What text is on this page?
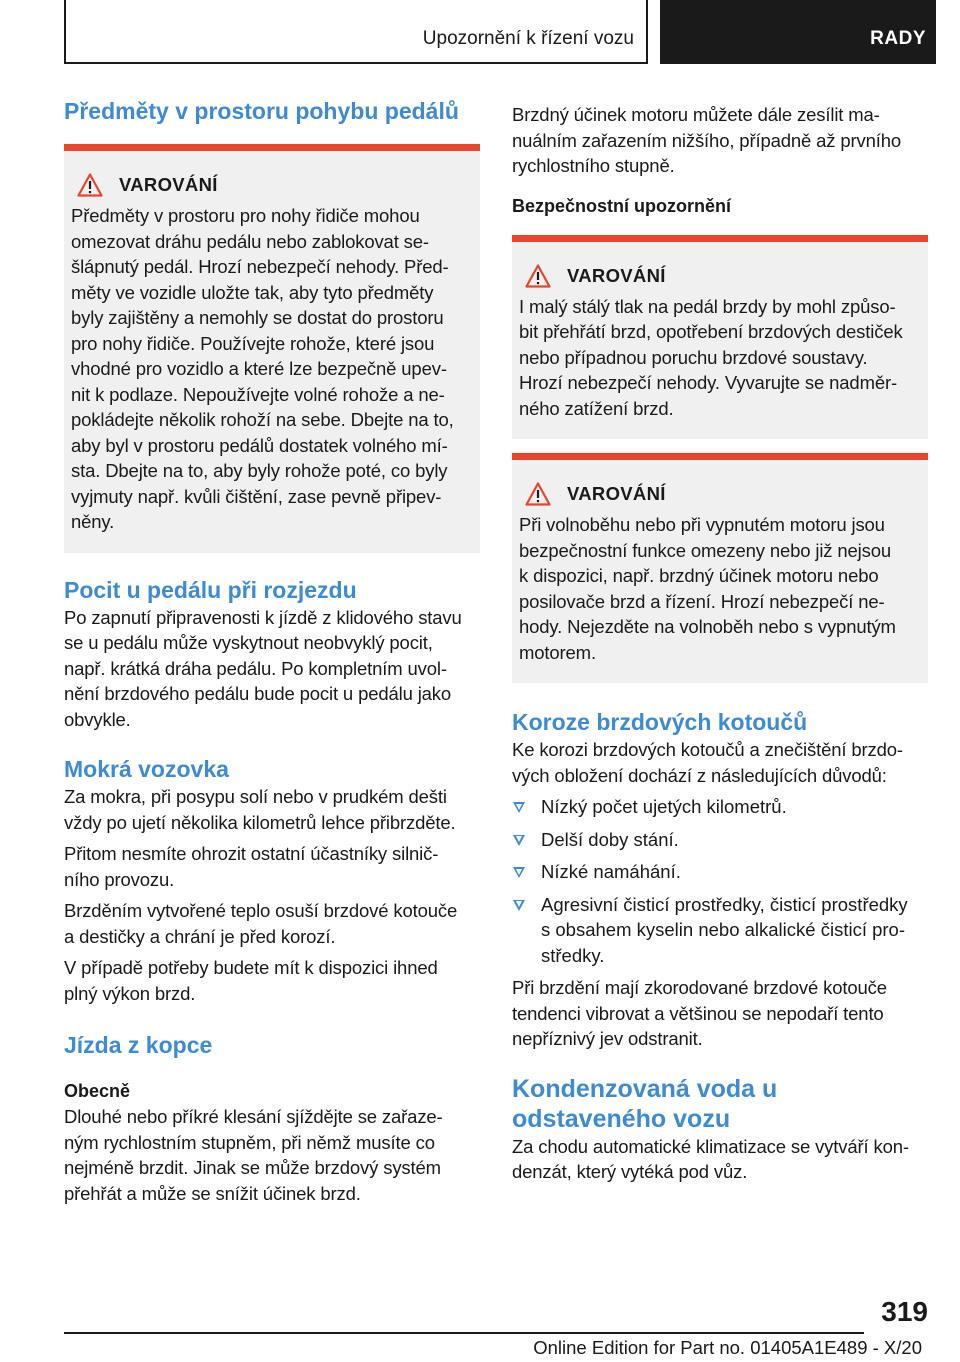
Upozornění k řízení vozu	RADY
Předměty v prostoru pohybu pedálů
VAROVÁNÍ

Předměty v prostoru pro nohy řidiče mohou
omezovat dráhu pedálu nebo zablokovat se-
šlápnutý pedál. Hrozí nebezpečí nehody. Před-
měty ve vozidle uložte tak, aby tyto předměty
byly zajištěny a nemohly se dostat do prostoru
pro nohy řidiče. Používejte rohože, které jsou
vhodné pro vozidlo a které lze bezpečně upev-
nit k podlaze. Nepoužívejte volné rohože a ne-
pokládejte několik rohoží na sebe. Dbejte na to,
aby byl v prostoru pedálů dostatek volného mí-
sta. Dbejte na to, aby byly rohože poté, co byly
vyjmuty např. kvůli čištění, zase pevně připev-
něny.

Pocit u pedálu při rozjezdu

Po zapnutí připravenosti k jízdě z klidového stavu
se u pedálu může vyskytnout neobvyklý pocit,
např. krátká dráha pedálu. Po kompletním uvol-
nění brzdového pedálu bude pocit u pedálu jako
obvykle.

Mokrá vozovka

Za mokra, při posypu solí nebo v prudkém dešti
vždy po ujetí několika kilometrů lehce přibrzděte.

Přitom nesmíte ohrozit ostatní účastníky silnič-
ního provozu.

Brzděním vytvořené teplo osuší brzdové kotouče
a destičky a chrání je před korozí.

V případě potřeby budete mít k dispozici ihned
plný výkon brzd.

Jízda z kopce
Obecně

Dlouhé nebo příkré klesání sjíždějte se zařaze-
ným rychlostním stupněm, při němž musíte co
nejméně brzdit. Jinak se může brzdový systém
přehřát a může se snížit účinek brzd.

Brzdný účinek motoru můžete dále zesílit ma-
nuálním zařazením nižšího, případně až prvního
rychlostního stupně.

Bezpečnostní upozornění
VAROVÁNÍ

I malý stálý tlak na pedál brzdy by mohl způso-
bit přehřátí brzd, opotřebení brzdových destiček
nebo případnou poruchu brzdové soustavy.
Hrozí nebezpečí nehody. Vyvarujte se nadměr-
ného zatížení brzd.

VAROVÁNÍ

Při volnoběhu nebo při vypnutém motoru jsou
bezpečnostní funkce omezeny nebo již nejsou
k dispozici, např. brzdný účinek motoru nebo
posilovače brzd a řízení. Hrozí nebezpečí ne-
hody. Nejezděte na volnoběh nebo s vypnutým
motorem.

Koroze brzdových kotoučů

Ke korozi brzdových kotoučů a znečištění brzdo-
vých obložení dochází z následujících důvodů:

Nízký počet ujetých kilometrů.
Delší doby stání.
Nízké namáhání.
Agresivní čisticí prostředky, čisticí prostředky
s obsahem kyselin nebo alkalické čisticí pro-
středky.

Při brzdění mají zkorodované brzdové kotouče
tendenci vibrovat a většinou se nepodaří tento
nepříznivý jev odstranit.

Kondenzovaná voda u
odstaveného vozu

Za chodu automatické klimatizace se vytváří kon-
denzát, který vytéká pod vůz.

319
Online Edition for Part no. 01405A1E489 - X/20
